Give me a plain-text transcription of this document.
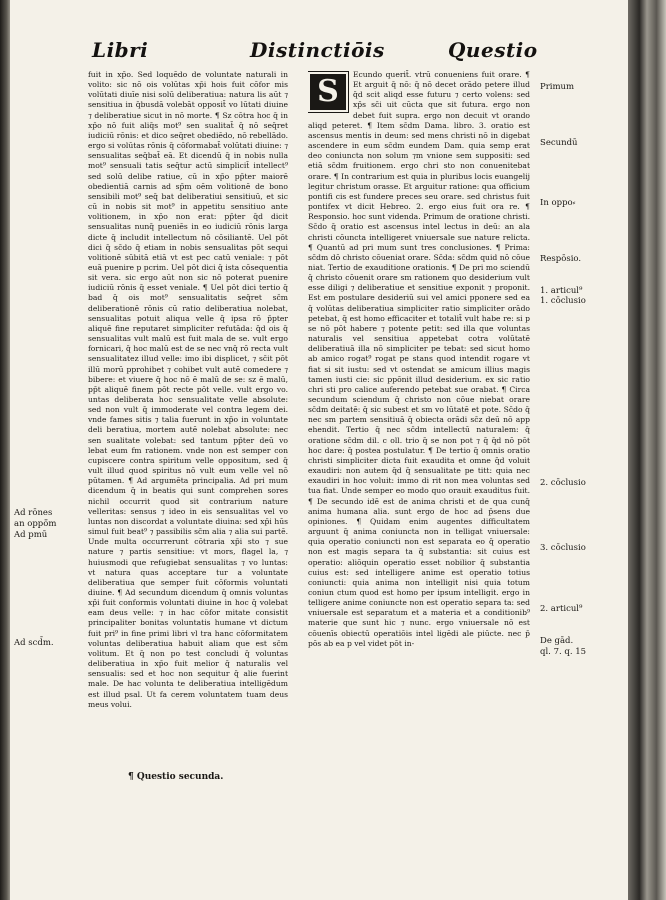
Libri	Distinctiōis	Questio
Ad rōnes
an oppō̄m
Ad pmū
Ad scd̄m.

fuit in xp̄o. Sed loquēdo de voluntate naturali in volito: sic nō ois volūtas xp̄i hois fuit cōfor mis volūtati diuīe nisi solū deliberatiua: natura lis aūt ⁊ sensitiua in q̄busdā volebāt opposit̄ vo lūtati diuine ⁊ deliberatiue sicut in nō morte. ¶ Sz cōtra hoc q̄ in xp̄o nō fuit aliq̄s mot⁹ sen sualitat̄ q̄ nō seq̄ret iudiciū rōnis: et dico seq̄ret obediēdo, nō rebellādo. ergo si volūtas rōnis q̄ cōformabat̄ volūtati diuine: ⁊ sensualitas seq̄bat̄ eā. Et dicendū q̄ in nobis nulla mot⁹ sensuali tatis seq̄tur actū simplicit̄ intellect⁹ sed solū delibe ratiue, cū in xp̄o pp̄ter maiorē obedientiā carnis ad sp̄m oēm volitionē de bono sensibili mot⁹ seq̄ bat deliberatiui sensitiuū, et sic cū in nobis sit mot⁹ in appetitu sensitiuo ante volitionem, in xp̄o non erat: pp̄ter q̄d dicit sensualitas nunq̄ pueniēs in eo iudiciū rōnis larga dicte q̄ includit intellectum nō cōsiliantē. Uel pōt dici q̄ sc̄do q̄ etiam in nobis sensualitas pōt sequi volitionē sūbitā etiā vt est pec catū veniale: ⁊ pōt euā puenire p pcrim. Uel pōt dici q̄ ista cōsequentia sit vera. sic ergo aūt non sic nō poterat puenire iudiciū rōnis q̄ esset veniale. ¶ Uel pōt dici tertio q̄ bad q̄ ois mot⁹ sensualitatis seq̄ret sc̄m deliberationē rōnis cū ratio deliberatiua nolebat, sensualitas potuit aliqua velle q̄ ipsa rō p̄pter aliquē fine reputaret simpliciter refutāda: q̄d ois q̄ sensualitas vult malū est fuit mala de se. vult ergo fornicari, q̄ hoc malū est de se nec vnq̄ rō recta vult sensualitatez illud velle: imo ibi displicet, ⁊ sc̄it pōt illū morū pprohibet ⁊ cohibet vult autē comedere ⁊ bibere: et viuere q̄ hoc nō ē malū de se: sz ē malū, pp̄t aliquē finem pōt recte pōt velle. vult ergo vo. untas deliberata hoc sensualitate velle absolute: sed non vult q̄ immoderate vel contra legem dei. vnde fames sitis ⁊ talia fuerunt in xp̄o in voluntate deli beratiua, mortem autē nolebat absolute: nec sen sualitate volebat: sed tantum pp̄ter deū vo lebat eum fm rationem. vnde non est semper con cupiscere contra spiritum velle oppositum, sed q̄ vult illud quod spiritus nō vult eum velle vel nō pūtamen. ¶ Ad argumēta principalia. Ad pri mum dicendum q̄ in beatis qui sunt comprehen sores nichil occurrit quod sit contrarium nature velleritas: sensus ⁊ ideo in eis sensualitas vel vo luntas non discordat a voluntate diuina: sed xp̄i hūs simul fuit beat⁹ ⁊ passibilis sc̄m alia ⁊ alia sui partē. Unde multa occurrerunt cōtraria xp̄i sto ⁊ sue nature ⁊ partis sensitiue: vt mors, flagel la, ⁊ huiusmodi que refugiebat sensualitas ⁊ vo luntas: vt natura quas acceptare tur a voluntate deliberatiua que semper fuit cōformis voluntati diuine. ¶ Ad secundum dicendum q̄ omnis voluntas xp̄i fuit conformis voluntati diuine in hoc q̄ volebat eam deus velle: ⁊ in hac cōfor mitate consistit principaliter bonitas voluntatis humane vt dictum fuit pri⁹ in fine primi libri vl tra hanc cōformitatem voluntas deliberatiua habuit aliam que est sc̄m volitum. Et q̄ non po test concludi q̄ voluntas deliberatiua in xp̄o fuit melior q̄ naturalis vel sensualis: sed et hoc non sequitur q̄ alie fuerint male. De hac volunta te deliberatiua intelligēdum est illud psal. Ut fa cerem voluntatem tuam deus meus volui.

¶ Questio secunda.
S	Ecundo querit̄. vtrū conueniens fuit orare. ¶ Et arguit q̄ nō: q̄ nō decet orādo petere illud q̄d scit aliqd esse futuru ⁊ certo volens: sed xp̄s sc̄i uit cūcta que sit futura. ergo non debet fuit supra. ergo non decuit vt orando aliqd peteret. ¶ Item sc̄dm Dama. libro. 3. oratio est ascensus mentis in deum: sed mens christi nō in digebat ascendere in eum sc̄dm eundem Dam. quia semp erat deo coniuncta non solum ⁊m vnione sem suppositi: sed etiā sc̄dm fruitionem. ergo chri sto non conuenitebat orare. ¶ In contrarium est quia in pluribus locis euangelij legitur christum orasse. Et arguitur ratione: qua officium pontifi cis est fundere preces seu orare. sed christus fuit pontifex vt dicit Hebreo. 2. ergo eius fuit ora re. ¶ Responsio. hoc sunt videnda. Primum de oratione christi. Sc̄do q̄ oratio est ascensus intel lectus in deū: an ala christi cōuncta intelligeret vniuersale sue nature relicta. ¶ Quantū ad pri mum sunt tres conclusiones. ¶ Prima: sc̄dm dō christo cōueniat orare. Sc̄da: sc̄dm quid nō cōue niat. Tertio de exauditione orationis. ¶ De pri mo sciendū q̄ christo cōuenit orare sm rationem quo desiderium vult esse diligi ⁊ deliberatiue et sensitiue exponit ⁊ proponit. Est em postulare desideriū sui vel amici pponere sed ea q̄ volūtas deliberatiua simpliciter ratio simpliciter orādo petebat, q̄ est homo efficaciter et totalit̄ vult habe re: si p se nō pōt habere ⁊ potente petit: sed illa que voluntas naturalis vel sensitiua appetebat cotra volūtatē deliberatiuā illa nō simpliciter pe tebat: sed sicut homo ab amico rogat⁹ rogat pe stans quod intendit rogare vt fiat si sit iustu: sed vt ostendat se amicum illius magis tamen iusti cie: sic ppōnit illud desiderium. ex sic ratio chri sti pro calice auferendo petebat sue orabat. ¶ Circa secundum sciendum q̄ christo non cōue niebat orare sc̄dm deitatē: q̄ sic subest et sm vo lūtatē et pote. Sc̄do q̄ nec sm partem sensitiuā q̄ obiecta orādi sc̄z deū nō app ehendit. Tertio q̄ nec sc̄dm intellectū naturalem: q̄ oratione sc̄dm dil. c oll. trio q̄ se non pot ⁊ q̄ q̄d nō pōt hoc dare: q̄ postea postulatur. ¶ De tertio q̄ omnis oratio christi simpliciter dicta fuit exaudita et omne q̄d voluit exaudiri: non autem q̄d q̄ sensualitate pe titt: quia nec exaudiri in hoc voluit: immo di rit non mea voluntas sed tua fiat. Unde semper eo modo quo orauit exauditus fuit. ¶ De secundo idē est de anima christi et de qua cunq̄ anima humana alia. sunt ergo de hoc ad p̄sens due opiniones. ¶ Quidam enim augentes difficultatem arguunt q̄ anima coniuncta non in telligat vniuersale: quia operatio coniuncti non est separata eo q̄ operatio non est magis separa ta q̄ substantia: sit cuius est operatio: aliōquin operatio esset nobilior q̄ substantia cuius est: sed intelligere anime est operatio totius coniuncti: quia anima non intelligit nisi quia totum coniun ctum quod est homo per ipsum intelligit. ergo in telligere anime coniuncte non est operatio separa ta: sed vniuersale est separatum et a materia et a conditionib⁹ materie que sunt hic ⁊ nunc. ergo vniuersale nō est cōuenīs obiectū operatiōis intel ligēdi ale piūcte. nec p̄ pōs ab ea p vel videt pōt in-

Primum
Secundū
In oppo⸗
Respōsio.
1. articul⁹
1. cōclusio
2. cōclusio
3. cōclusio
2. articul⁹
De gād.
ql. 7. q. 15
